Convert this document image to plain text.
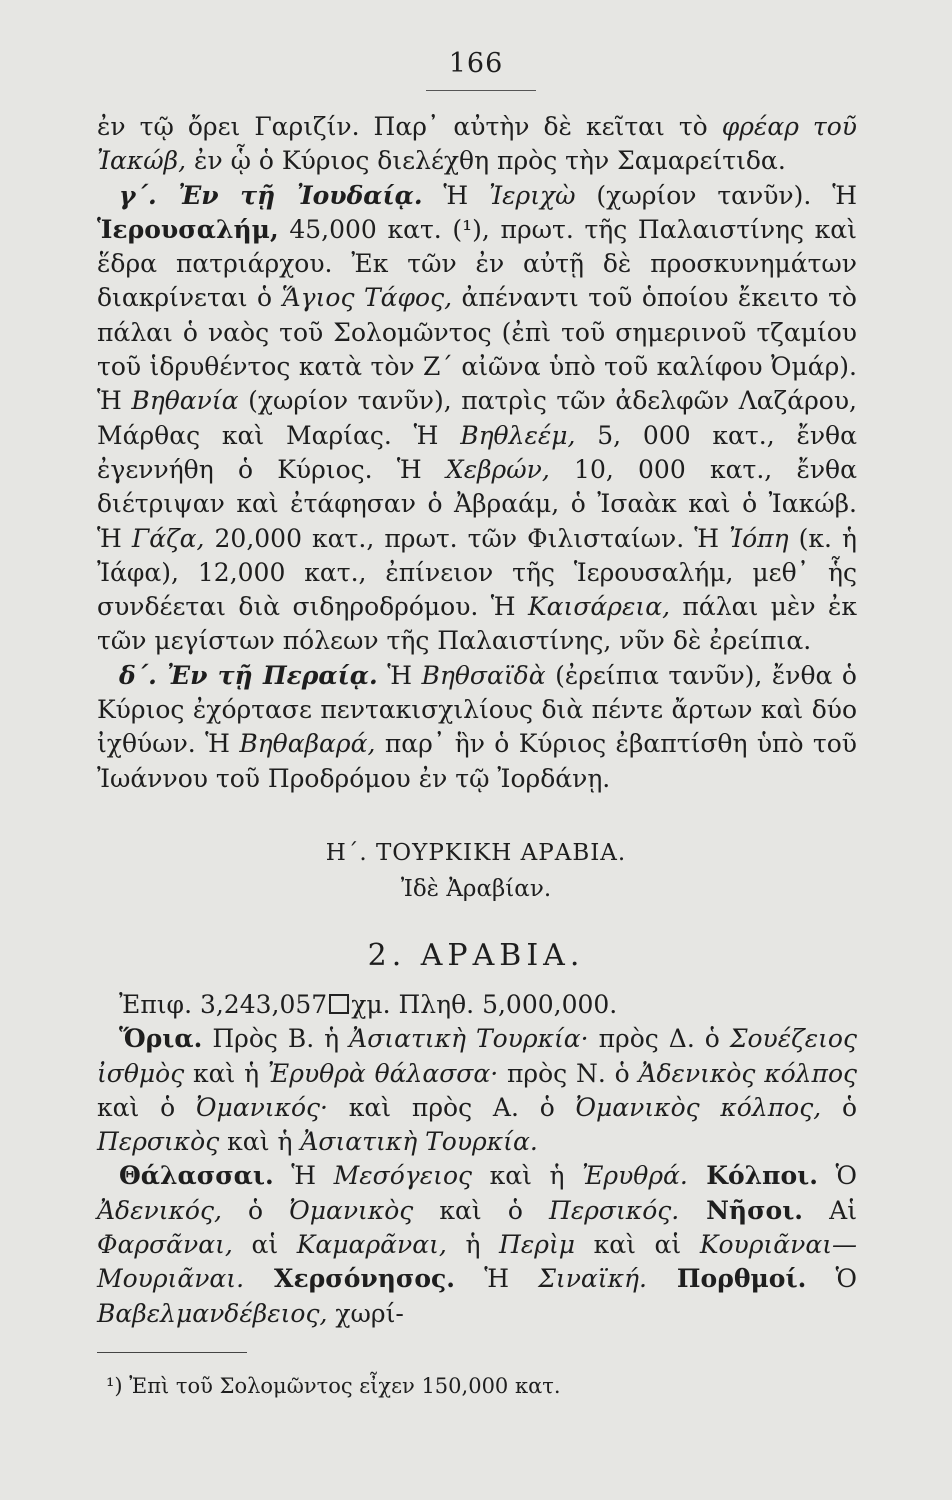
166

ἐν τῷ ὄρει Γαριζίν. Παρ᾽ αὐτὴν δὲ κεῖται τὸ φρέαρ τοῦ Ἰακώβ, ἐν ᾧ ὁ Κύριος διελέχθη πρὸς τὴν Σαμαρείτιδα.

γ΄. Ἐν τῇ Ἰουδαίᾳ. Ἡ Ἰεριχὼ (χωρίον τανῦν). Ἡ Ἱερουσαλήμ, 45,000 κατ. (¹), πρωτ. τῆς Παλαιστίνης καὶ ἕδρα πατριάρχου. Ἐκ τῶν ἐν αὐτῇ δὲ προσκυνημάτων διακρίνεται ὁ Ἅγιος Τάφος, ἀπέναντι τοῦ ὁποίου ἔκειτο τὸ πάλαι ὁ ναὸς τοῦ Σολομῶντος (ἐπὶ τοῦ σημερινοῦ τζαμίου τοῦ ἱδρυθέντος κατὰ τὸν Ζ΄ αἰῶνα ὑπὸ τοῦ καλίφου Ὀμάρ). Ἡ Βηθανία (χωρίον τανῦν), πατρὶς τῶν ἀδελφῶν Λαζάρου, Μάρθας καὶ Μαρίας. Ἡ Βηθλεέμ, 5, 000 κατ., ἔνθα ἐγεννήθη ὁ Κύριος. Ἡ Χεβρών, 10, 000 κατ., ἔνθα διέτριψαν καὶ ἐτάφησαν ὁ Ἀβραάμ, ὁ Ἰσαὰκ καὶ ὁ Ἰακώβ. Ἡ Γάζα, 20,000 κατ., πρωτ. τῶν Φιλισταίων. Ἡ Ἰόπη (κ. ἡ Ἰάφα), 12,000 κατ., ἐπίνειον τῆς Ἱερουσαλήμ, μεθ᾽ ἧς συνδέεται διὰ σιδηροδρόμου. Ἡ Καισάρεια, πάλαι μὲν ἐκ τῶν μεγίστων πόλεων τῆς Παλαιστίνης, νῦν δὲ ἐρείπια.

δ΄. Ἐν τῇ Περαίᾳ. Ἡ Βηθσαϊδὰ (ἐρείπια τανῦν), ἔνθα ὁ Κύριος ἐχόρτασε πεντακισχιλίους διὰ πέντε ἄρτων καὶ δύο ἰχθύων. Ἡ Βηθαβαρά, παρ᾽ ἣν ὁ Κύριος ἐβαπτίσθη ὑπὸ τοῦ Ἰωάννου τοῦ Προδρόμου ἐν τῷ Ἰορδάνῃ.

Η΄. ΤΟΥΡΚΙΚΗ ΑΡΑΒΙΑ.
Ἰδὲ Ἀραβίαν.
2. ΑΡΑΒΙΑ.

Ἐπιφ. 3,243,057 χμ. Πληθ. 5,000,000.

Ὅρια. Πρὸς Β. ἡ Ἀσιατικὴ Τουρκία· πρὸς Δ. ὁ Σουέζειος ἰσθμὸς καὶ ἡ Ἐρυθρὰ θάλασσα· πρὸς Ν. ὁ Ἀδενικὸς κόλπος καὶ ὁ Ὀμανικός· καὶ πρὸς Α. ὁ Ὀμανικὸς κόλπος, ὁ Περσικὸς καὶ ἡ Ἀσιατικὴ Τουρκία.

Θάλασσαι. Ἡ Μεσόγειος καὶ ἡ Ἐρυθρά. Κόλποι. Ὁ Ἀδενικός, ὁ Ὀμανικὸς καὶ ὁ Περσικός. Νῆσοι. Αἱ Φαρσᾶναι, αἱ Καμαρᾶναι, ἡ Περὶμ καὶ αἱ Κουριᾶναι—Μουριᾶναι. Χερσόνησος. Ἡ Σιναϊκή. Πορθμοί. Ὁ Βαβελμανδέβειος, χωρί-

¹) Ἐπὶ τοῦ Σολομῶντος εἶχεν 150,000 κατ.
